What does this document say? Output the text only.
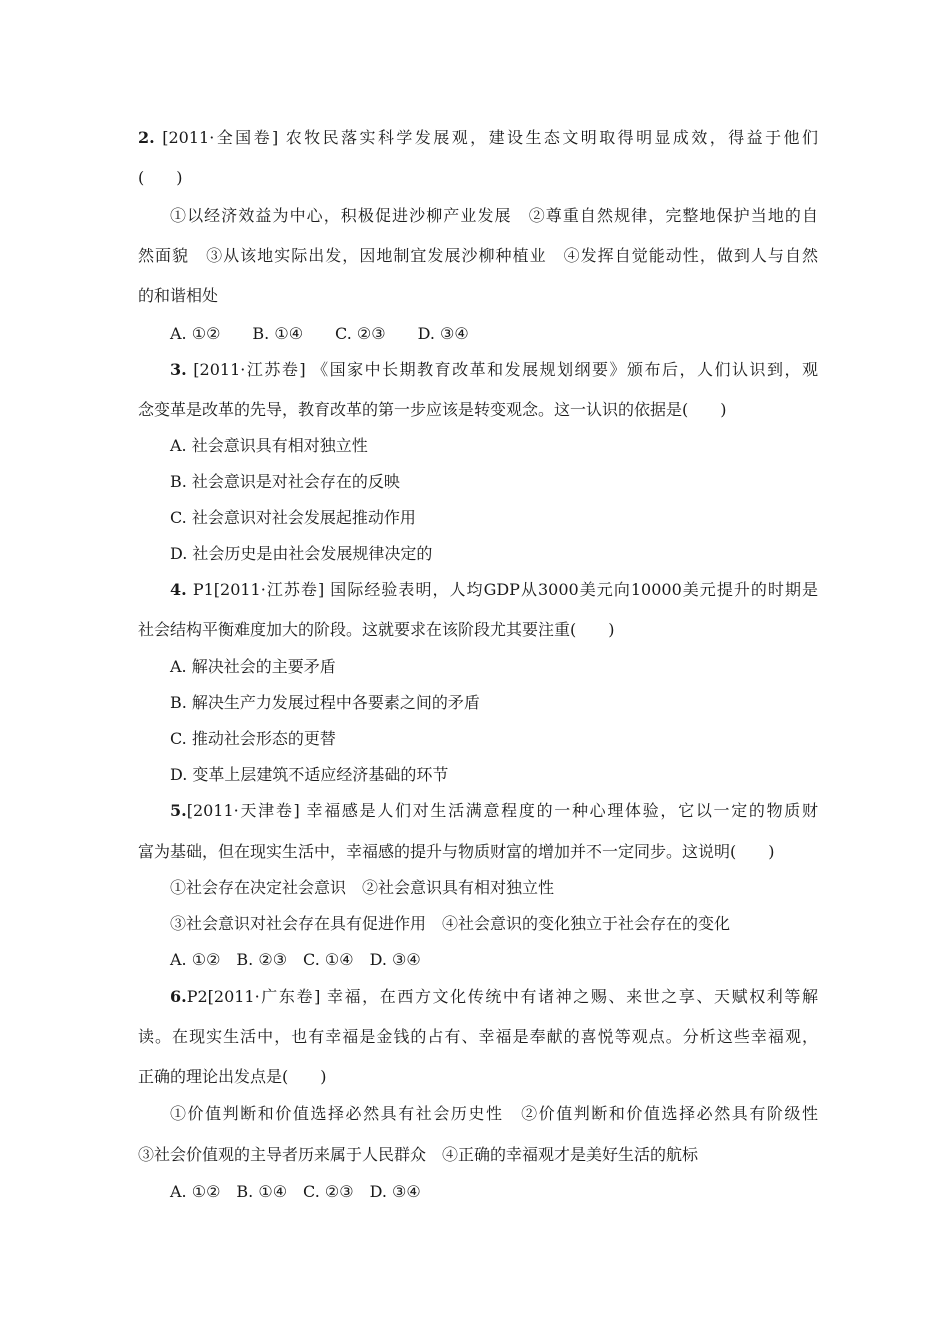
2. [2011·全国卷] 农牧民落实科学发展观，建设生态文明取得明显成效，得益于他们
(　　)
①以经济效益为中心，积极促进沙柳产业发展　②尊重自然规律，完整地保护当地的自
然面貌　③从该地实际出发，因地制宜发展沙柳种植业　④发挥自觉能动性，做到人与自然
的和谐相处
A. ①②　　B. ①④　　C. ②③　　D. ③④
3. [2011·江苏卷] 《国家中长期教育改革和发展规划纲要》颁布后，人们认识到，观
念变革是改革的先导，教育改革的第一步应该是转变观念。这一认识的依据是(　　)
A. 社会意识具有相对独立性
B. 社会意识是对社会存在的反映
C. 社会意识对社会发展起推动作用
D. 社会历史是由社会发展规律决定的
4. P1[2011·江苏卷] 国际经验表明，人均GDP从3000美元向10000美元提升的时期是
社会结构平衡难度加大的阶段。这就要求在该阶段尤其要注重(　　)
A. 解决社会的主要矛盾
B. 解决生产力发展过程中各要素之间的矛盾
C. 推动社会形态的更替
D. 变革上层建筑不适应经济基础的环节
5.[2011·天津卷] 幸福感是人们对生活满意程度的一种心理体验，它以一定的物质财
富为基础，但在现实生活中，幸福感的提升与物质财富的增加并不一定同步。这说明(　　)
①社会存在决定社会意识　②社会意识具有相对独立性
③社会意识对社会存在具有促进作用　④社会意识的变化独立于社会存在的变化
A. ①②　B. ②③　C. ①④　D. ③④
6.P2[2011·广东卷] 幸福，在西方文化传统中有诸神之赐、来世之享、天赋权利等解
读。在现实生活中，也有幸福是金钱的占有、幸福是奉献的喜悦等观点。分析这些幸福观，
正确的理论出发点是(　　)
①价值判断和价值选择必然具有社会历史性　②价值判断和价值选择必然具有阶级性
③社会价值观的主导者历来属于人民群众　④正确的幸福观才是美好生活的航标
A. ①②　B. ①④　C. ②③　D. ③④
